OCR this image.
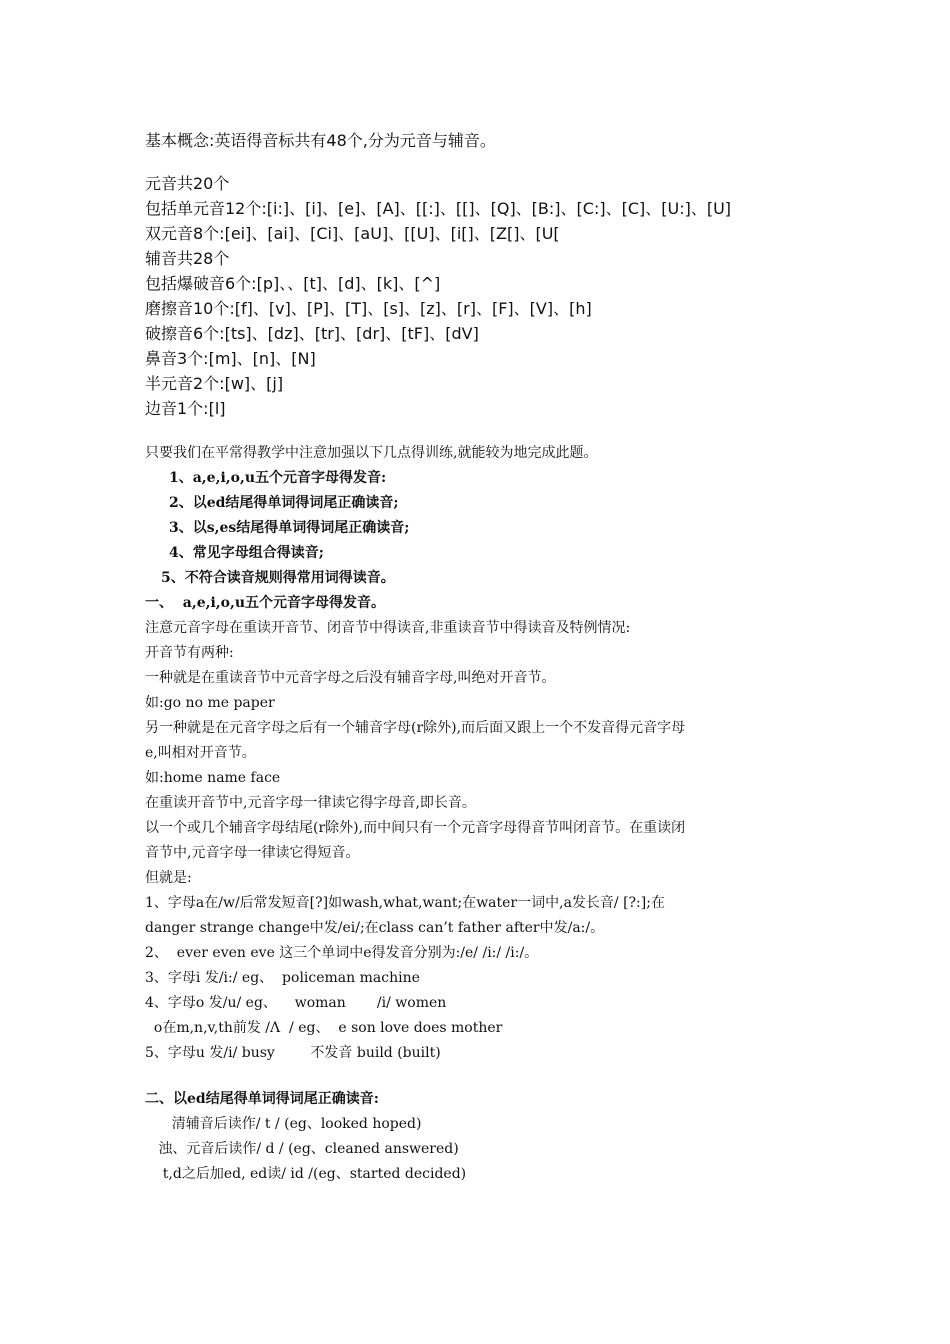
基本概念:英语得音标共有48个,分为元音与辅音。
元音共20个
包括单元音12个:[i:]、[i]、[e]、[A]、[[:]、[[]、[Q]、[B:]、[C:]、[C]、[U:]、[U]
双元音8个:[ei]、[ai]、[Ci]、[aU]、[[U]、[i[]、[Z[]、[U[
辅音共28个
包括爆破音6个:[p]、、[t]、[d]、[k]、[^]
磨擦音10个:[f]、[v]、[P]、[T]、[s]、[z]、[r]、[F]、[V]、[h]
破擦音6个:[ts]、[dz]、[tr]、[dr]、[tF]、[dV]
鼻音3个:[m]、[n]、[N]
半元音2个:[w]、[j]
边音1个:[l]
只要我们在平常得教学中注意加强以下几点得训练,就能较为地完成此题。
1、a,e,i,o,u五个元音字母得发音:
2、以ed结尾得单词得词尾正确读音;
3、以s,es结尾得单词得词尾正确读音;
4、常见字母组合得读音;
5、不符合读音规则得常用词得读音。
一、  a,e,i,o,u五个元音字母得发音。
注意元音字母在重读开音节、闭音节中得读音,非重读音节中得读音及特例情况:
开音节有两种:
一种就是在重读音节中元音字母之后没有辅音字母,叫绝对开音节。
如:go no me paper
另一种就是在元音字母之后有一个辅音字母(r除外),而后面又跟上一个不发音得元音字母
e,叫相对开音节。
如:home name face
在重读开音节中,元音字母一律读它得字母音,即长音。
以一个或几个辅音字母结尾(r除外),而中间只有一个元音字母得音节叫闭音节。在重读闭
音节中,元音字母一律读它得短音。
但就是:
1、字母a在/w/后常发短音[?]如wash,what,want;在water一词中,a发长音/ [?:];在
danger strange change中发/ei/;在class can’t father after中发/a:/。
2、  ever even eve 这三个单词中e得发音分别为:/e/ /i:/ /i:/。
3、字母i 发/i:/ eg、  policeman machine
4、字母o 发/u/ eg、    woman       /i/ women
o在m,n,v,th前发 /Λ  / eg、  e son love does mother
5、字母u 发/i/ busy        不发音 build (built)
二、以ed结尾得单词得词尾正确读音:
清辅音后读作/ t / (eg、looked hoped)
浊、元音后读作/ d / (eg、cleaned answered)
t,d之后加ed, ed读/ id /(eg、started decided)
